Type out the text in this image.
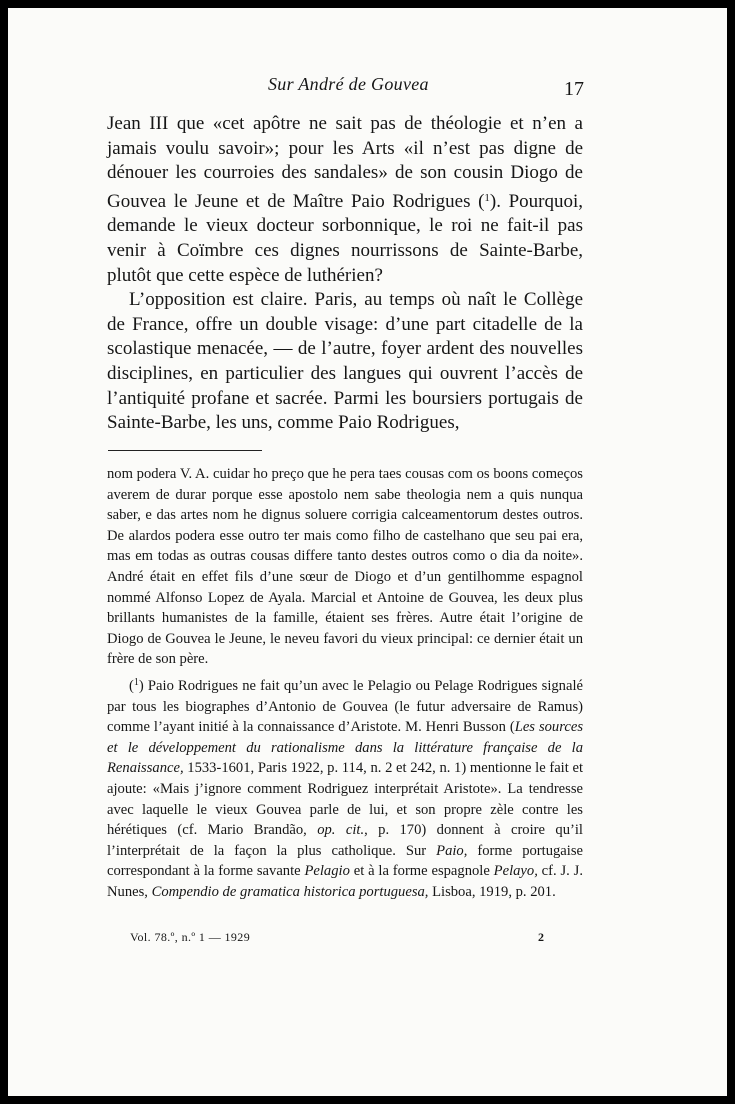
Sur André de Gouvea	17

Jean III que «cet apôtre ne sait pas de théologie et n’en a jamais voulu savoir»; pour les Arts «il n’est pas digne de dénouer les courroies des sandales» de son cousin Diogo de Gouvea le Jeune et de Maître Paio Rodrigues ($^1$). Pourquoi, demande le vieux docteur sorbonnique, le roi ne fait-il pas venir à Coïmbre ces dignes nourrissons de Sainte-Barbe, plutôt que cette espèce de luthérien?

L’opposition est claire. Paris, au temps où naît le Collège de France, offre un double visage: d’une part citadelle de la scolastique menacée, — de l’autre, foyer ardent des nouvelles disciplines, en particulier des langues qui ouvrent l’accès de l’antiquité profane et sacrée. Parmi les boursiers portugais de Sainte-Barbe, les uns, comme Paio Rodrigues,

nom podera V. A. cuidar ho preço que he pera taes cousas com os boons começos averem de durar porque esse apostolo nem sabe theologia nem a quis nunqua saber, e das artes nom he dignus soluere corrigia calceamentorum destes outros. De alardos podera esse outro ter mais como filho de castelhano que seu pai era, mas em todas as outras cousas differe tanto destes outros como o dia da noite». André était en effet fils d’une sœur de Diogo et d’un gentilhomme espagnol nommé Alfonso Lopez de Ayala. Marcial et Antoine de Gouvea, les deux plus brillants humanistes de la famille, étaient ses frères. Autre était l’origine de Diogo de Gouvea le Jeune, le neveu favori du vieux principal: ce dernier était un frère de son père.

($^1$) Paio Rodrigues ne fait qu’un avec le Pelagio ou Pelage Rodrigues signalé par tous les biographes d’Antonio de Gouvea (le futur adversaire de Ramus) comme l’ayant initié à la connaissance d’Aristote. M. Henri Busson (Les sources et le développement du rationalisme dans la littérature française de la Renaissance, 1533-1601, Paris 1922, p. 114, n. 2 et 242, n. 1) mentionne le fait et ajoute: «Mais j’ignore comment Rodriguez interprétait Aristote». La tendresse avec laquelle le vieux Gouvea parle de lui, et son propre zèle contre les hérétiques (cf. Mario Brandão, op. cit., p. 170) donnent à croire qu’il l’interprétait de la façon la plus catholique. Sur Paio, forme portugaise correspondant à la forme savante Pelagio et à la forme espagnole Pelayo, cf. J. J. Nunes, Compendio de gramatica historica portuguesa, Lisboa, 1919, p. 201.

Vol. 78.º, n.º 1 — 1929	2
